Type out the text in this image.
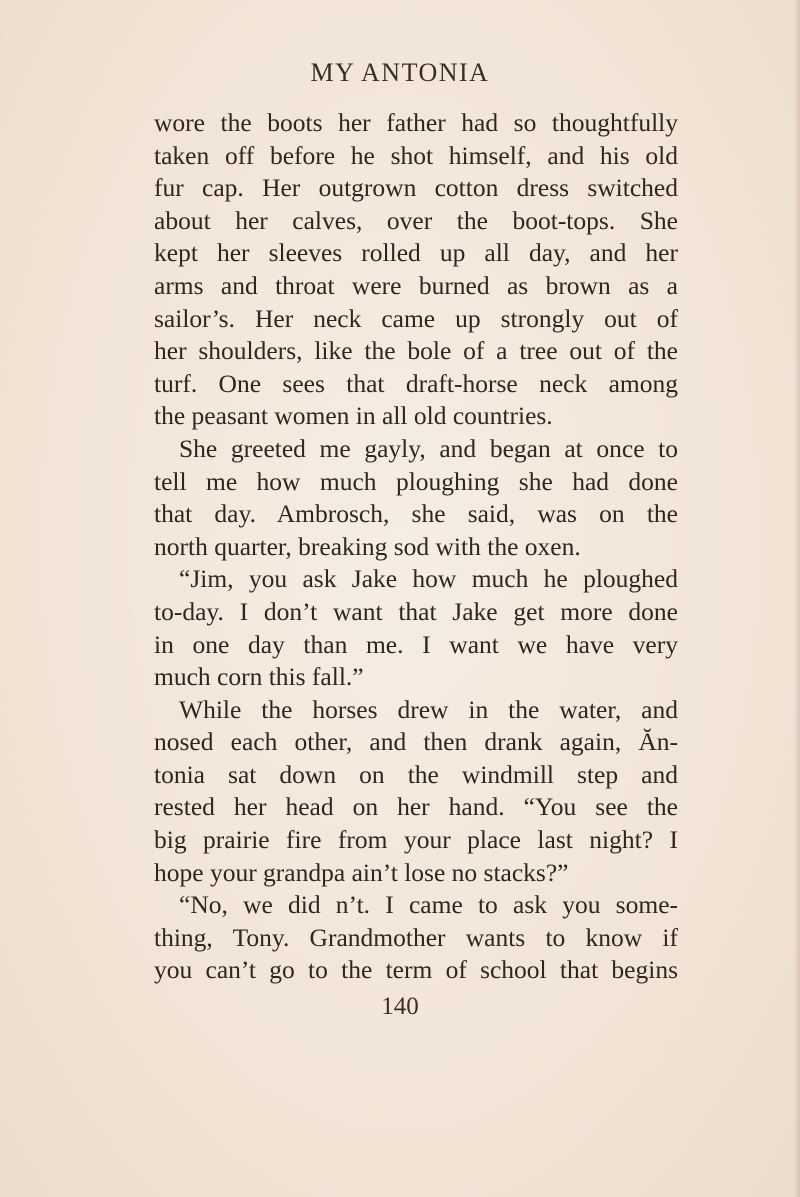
MY ANTONIA
wore the boots her father had so thoughtfully
taken off before he shot himself, and his old
fur cap. Her outgrown cotton dress switched
about her calves, over the boot-tops. She
kept her sleeves rolled up all day, and her
arms and throat were burned as brown as a
sailor’s. Her neck came up strongly out of
her shoulders, like the bole of a tree out of the
turf. One sees that draft-horse neck among
the peasant women in all old countries.
She greeted me gayly, and began at once to
tell me how much ploughing she had done
that day. Ambrosch, she said, was on the
north quarter, breaking sod with the oxen.
“Jim, you ask Jake how much he ploughed
to-day. I don’t want that Jake get more done
in one day than me. I want we have very
much corn this fall.”
While the horses drew in the water, and
nosed each other, and then drank again, Ăn-
tonia sat down on the windmill step and
rested her head on her hand. “You see the
big prairie fire from your place last night? I
hope your grandpa ain’t lose no stacks?”
“No, we did n’t. I came to ask you some-
thing, Tony. Grandmother wants to know if
you can’t go to the term of school that begins
140
